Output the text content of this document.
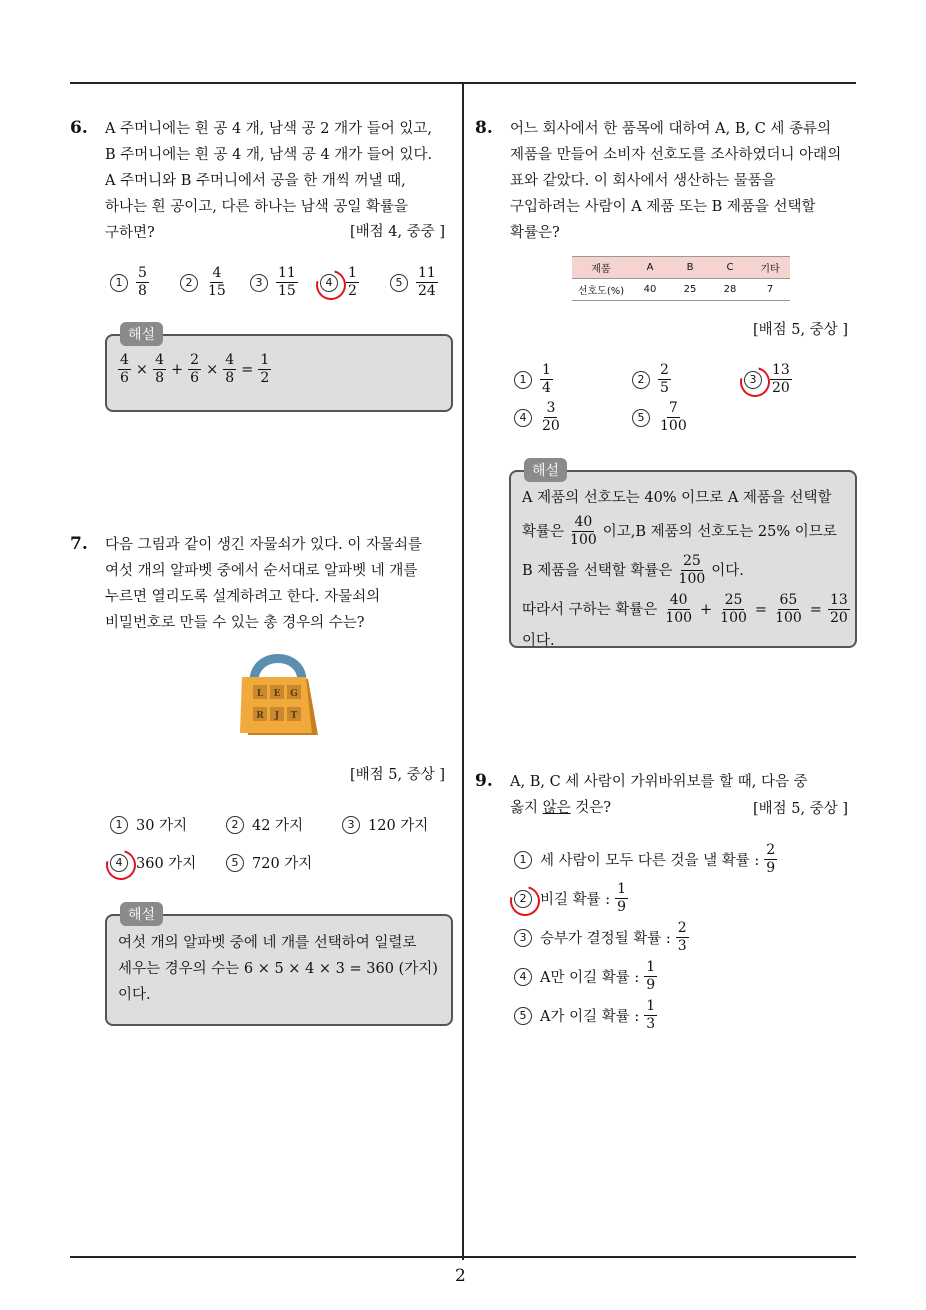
2
6. A 주머니에는 흰 공 4 개, 남색 공 2 개가 들어 있고,
B 주머니에는 흰 공 4 개, 남색 공 4 개가 들어 있다.
A 주머니와 B 주머니에서 공을 한 개씩 꺼낼 때,
하나는 흰 공이고, 다른 하나는 남색 공일 확률을
구하면?	[배점 4, 중중 ]
$1 \frac{5}{8}$	$2 \frac{4}{15}$	$3 \frac{11}{15}$	$4 \frac{1}{2}$	$5 \frac{11}{24}$
해설
$\frac{4}{6} \times \frac{4}{8} + \frac{2}{6} \times \frac{4}{8} = \frac{1}{2}$
7. 다음 그림과 같이 생긴 자물쇠가 있다. 이 자물쇠를
여섯 개의 알파벳 중에서 순서대로 알파벳 네 개를
누르면 열리도록 설계하려고 한다. 자물쇠의
비밀번호로 만들 수 있는 총 경우의 수는?
L E G
R J T
[배점 5, 중상 ]
1 30 가지	2 42 가지	3 120 가지
4 360 가지	5 720 가지
해설
여섯 개의 알파벳 중에 네 개를 선택하여 일렬로
세우는 경우의 수는 6 × 5 × 4 × 3 = 360 (가지)
이다.
8. 어느 회사에서 한 품목에 대하여 A, B, C 세 종류의
제품을 만들어 소비자 선호도를 조사하였더니 아래의
표와 같았다. 이 회사에서 생산하는 물품을
구입하려는 사람이 A 제품 또는 B 제품을 선택할
확률은?
제품	A	B	C	기타
선호도(%)	40	25	28	7
[배점 5, 중상 ]
$1 \frac{1}{4}$	$2 \frac{2}{5}$	$3 \frac{13}{20}$
$4 \frac{3}{20}$	$5 \frac{7}{100}$
해설
A 제품의 선호도는 40% 이므로 A 제품을 선택할
확률은 $\frac{40}{100}$ 이고,B 제품의 선호도는 25% 이므로
B 제품을 선택할 확률은 $\frac{25}{100}$ 이다.
따라서 구하는 확률은 $\frac{40}{100} + \frac{25}{100} = \frac{65}{100} = \frac{13}{20}$
이다.
9. A, B, C 세 사람이 가위바위보를 할 때, 다음 중
옳지 않은 것은?	[배점 5, 중상 ]
1 세 사람이 모두 다른 것을 낼 확률 : $\frac{2}{9}$
2 비길 확률 : $\frac{1}{9}$
3 승부가 결정될 확률 : $\frac{2}{3}$
4 A만 이길 확률 : $\frac{1}{9}$
5 A가 이길 확률 : $\frac{1}{3}$
